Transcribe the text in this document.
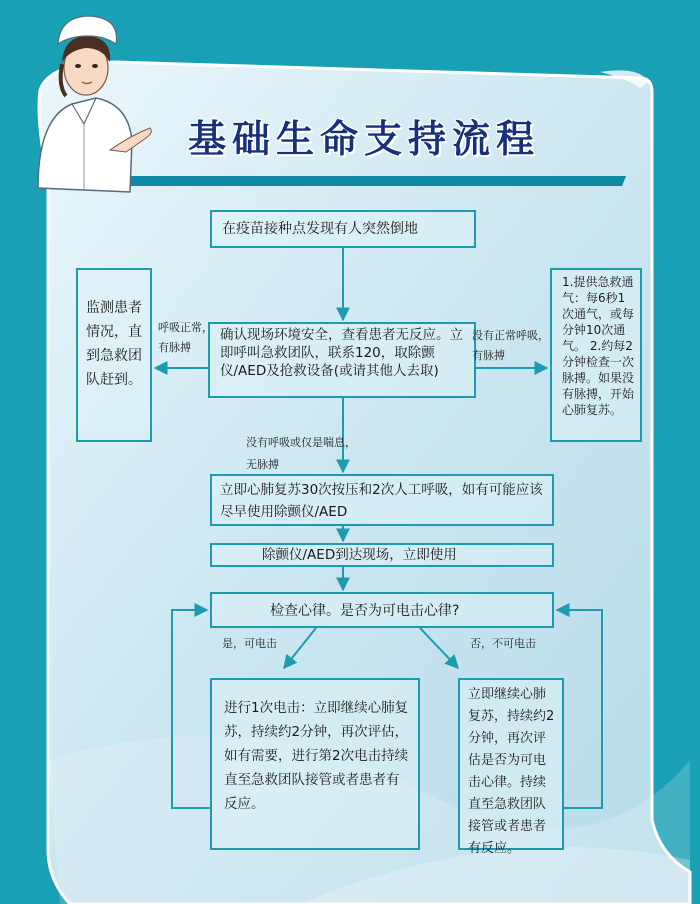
基础生命支持流程
在疫苗接种点发现有人突然倒地
确认现场环境安全，查看患者无反应。立即呼叫急救团队，联系120，取除颤仪/AED及抢救设备(或请其他人去取)
监测患者情况，直到急救团队赶到。
1.提供急救通气：每6秒1次通气，或每分钟10次通气。 2.约每2分钟检查一次脉搏。如果没有脉搏，开始心肺复苏。
立即心肺复苏30次按压和2次人工呼吸，如有可能应该尽早使用除颤仪/AED
除颤仪/AED到达现场，立即使用
检查心律。是否为可电击心律?
进行1次电击：立即继续心肺复苏，持续约2分钟，再次评估，如有需要，进行第2次电击持续直至急救团队接管或者患者有反应。
立即继续心肺复苏，持续约2分钟，再次评估是否为可电击心律。持续直至急救团队接管或者患者有反应。
呼吸正常，有脉搏
没有正常呼吸，有脉搏
没有呼吸或仅是喘息，无脉搏
是，可电击	否，不可电击
